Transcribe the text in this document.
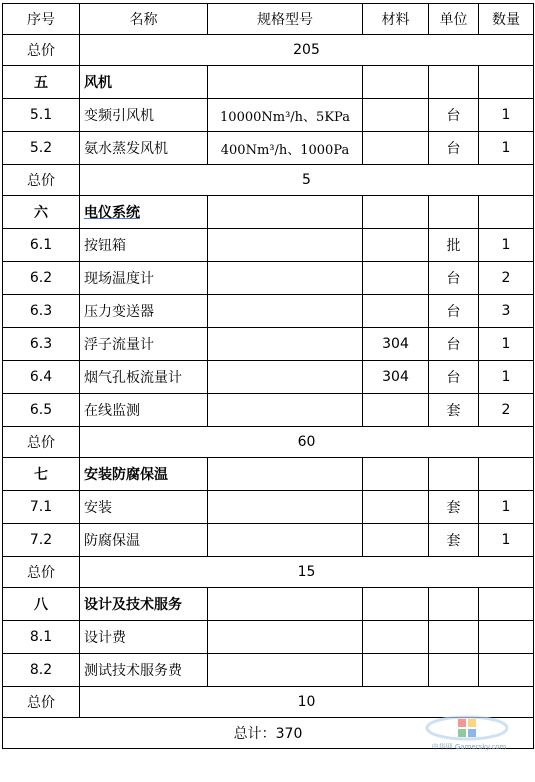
序号	名称	规格型号	材料	单位	数量
总价	205				
五	风机				
5.1	变频引风机	10000Nm³/h、5KPa		台	1
5.2	氨水蒸发风机	400Nm³/h、1000Pa		台	1
总价	5				
六	电仪系统				
6.1	按钮箱			批	1
6.2	现场温度计			台	2
6.3	压力变送器			台	3
6.3	浮子流量计		304	台	1
6.4	烟气孔板流量计		304	台	1
6.5	在线监测			套	2
总价	60				
七	安装防腐保温				
7.1	安装			套	1
7.2	防腐保温			套	1
总价	15				
八	设计及技术服务				
8.1	设计费				
8.2	测试技术服务费				
总价	10				
总计：370					
中华网 Gamersky.com
